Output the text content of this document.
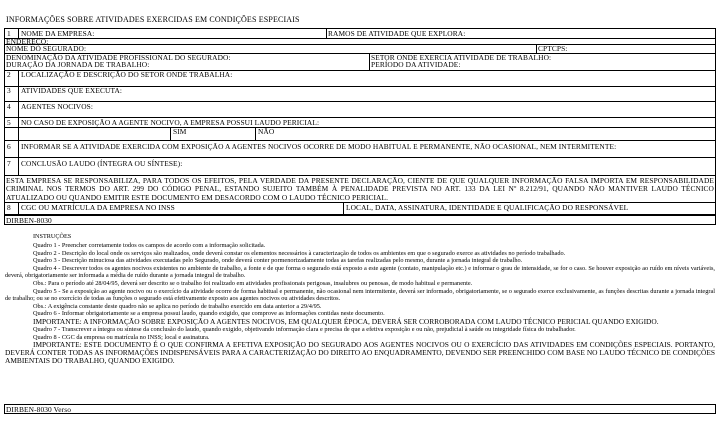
INFORMAÇÕES SOBRE ATIVIDADES EXERCIDAS EM CONDIÇÕES ESPECIAIS
1 NOME DA EMPRESA:	RAMOS DE ATIVIDADE QUE EXPLORA:
ENDEREÇO:
NOME DO SEGURADO:	CPTCPS:
DENOMINAÇÃO DA ATIVIDADE PROFISSIONAL DO SEGURADO:	SETOR ONDE EXERCIA ATIVIDADE DE TRABALHO:
DURAÇÃO DA JORNADA DE TRABALHO:	PERÍODO DA ATIVIDADE:
2 LOCALIZAÇÃO E DESCRIÇÃO DO SETOR ONDE TRABALHA:
3 ATIVIDADES QUE EXECUTA:
4 AGENTES NOCIVOS:
5 NO CASO DE EXPOSIÇÃO A AGENTE NOCIVO, A EMPRESA POSSUI LAUDO PERICIAL:
SIM	NÃO
6 INFORMAR SE A ATIVIDADE EXERCIDA COM EXPOSIÇÃO A AGENTES NOCIVOS OCORRE DE MODO HABITUAL E PERMANENTE, NÃO OCASIONAL, NEM INTERMITENTE:
7 CONCLUSÃO LAUDO (ÍNTEGRA OU SÍNTESE):
ESTA EMPRESA SE RESPONSABILIZA, PARA TODOS OS EFEITOS, PELA VERDADE DA PRESENTE DECLARAÇÃO, CIENTE DE QUE QUALQUER INFORMAÇÃO FALSA IMPORTA EM RESPONSABILIDADE CRIMINAL NOS TERMOS DO ART. 299 DO CÓDIGO PENAL, ESTANDO SUJEITO TAMBÉM À PENALIDADE PREVISTA NO ART. 133 DA LEI Nº 8.212/91, QUANDO NÃO MANTIVER LAUDO TÉCNICO ATUALIZADO OU QUANDO EMITIR ESTE DOCUMENTO EM DESACORDO COM O LAUDO TÉCNICO PERICIAL.
8 CGC OU MATRÍCULA DA EMPRESA NO INSS	LOCAL, DATA, ASSINATURA, IDENTIDADE E QUALIFICAÇÃO DO RESPONSÁVEL
DIRBEN-8030
INSTRUÇÕES

Quadro 1 - Preencher corretamente todos os campos de acordo com a informação solicitada.

Quadro 2 - Descrição do local onde os serviços são realizados, onde deverá constar os elementos necessários à caracterização de todos os ambientes em que o segurado exerce as atividades no período trabalhado.

Quadro 3 - Descrição minuciosa das atividades executadas pelo Segurado, onde deverá conter pormenorizadamente todas as tarefas realizadas pelo mesmo, durante a jornada integral de trabalho.

Quadro 4 - Descrever todos os agentes nocivos existentes no ambiente de trabalho, a fonte e de que forma o segurado está exposto a este agente (contato, manipulação etc.) e informar o grau de intensidade, se for o caso. Se houver exposição ao ruído em níveis variáveis, deverá, obrigatoriamente ser informada a média de ruído durante a jornada integral de trabalho.

Obs.: Para o período até 28/04/95, deverá ser descrito se o trabalho foi realizado em atividades profissionais perigosas, insalubres ou penosas, de modo habitual e permanente.

Quadro 5 - Se a exposição ao agente nocivo ou o exercício da atividade ocorre de forma habitual e permanente, não ocasional nem intermitente, deverá ser informado, obrigatoriamente, se o segurado exerce exclusivamente, as funções descritas durante a jornada integral de trabalho; ou se no exercício de todas as funções o segurado está efetivamente exposto aos agentes nocivos ou atividades descritos.

Obs.: A exigência constante deste quadro não se aplica no período de trabalho exercido em data anterior a 29/4/95.

Quadro 6 - Informar obrigatoriamente se a empresa possui laudo, quando exigido, que comprove as informações contidas neste documento.

IMPORTANTE: A INFORMAÇÃO SOBRE EXPOSIÇÃO A AGENTES NOCIVOS, EM QUALQUER ÉPOCA, DEVERÁ SER CORROBORADA COM LAUDO TÉCNICO PERICIAL QUANDO EXIGIDO.

Quadro 7 - Transcrever a íntegra ou síntese da conclusão do laudo, quando exigido, objetivando informação clara e precisa de que a efetiva exposição e ou não, prejudicial à saúde ou integridade física do trabalhador.

Quadro 8 - CGC da empresa ou matrícula no INSS; local e assinatura.

IMPORTANTE: ESTE DOCUMENTO É O QUE CONFIRMA A EFETIVA EXPOSIÇÃO DO SEGURADO AOS AGENTES NOCIVOS OU O EXERCÍCIO DAS ATIVIDADES EM CONDIÇÕES ESPECIAIS. PORTANTO, DEVERÁ CONTER TODAS AS INFORMAÇÕES INDISPENSÁVEIS PARA A CARACTERIZAÇÃO DO DIREITO AO ENQUADRAMENTO, DEVENDO SER PREENCHIDO COM BASE NO LAUDO TÉCNICO DE CONDIÇÕES AMBIENTAIS DO TRABALHO, QUANDO EXIGIDO.

DIRBEN-8030 Verso
